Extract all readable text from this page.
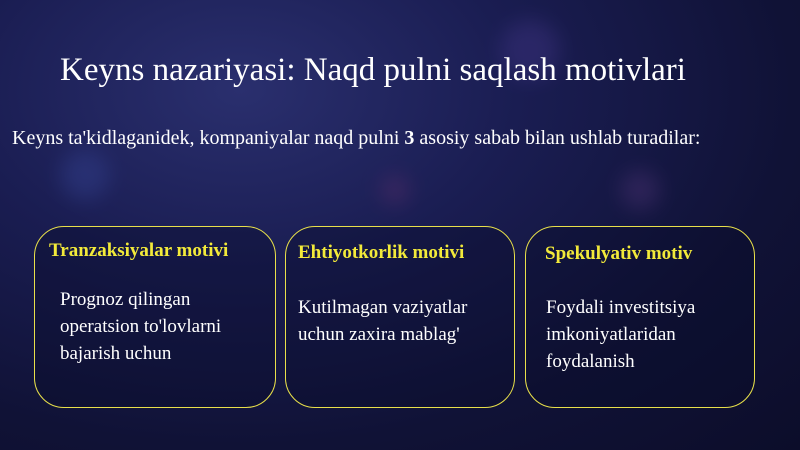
Keyns nazariyasi: Naqd pulni saqlash motivlari
Keyns ta'kidlaganidek, kompaniyalar naqd pulni 3 asosiy sabab bilan ushlab turadilar:
Tranzaksiyalar motivi
Prognoz qilingan
operatsion to'lovlarni
bajarish uchun
Ehtiyotkorlik motivi
Kutilmagan vaziyatlar
uchun zaxira mablag'
Spekulyativ motiv
Foydali investitsiya
imkoniyatlaridan
foydalanish
